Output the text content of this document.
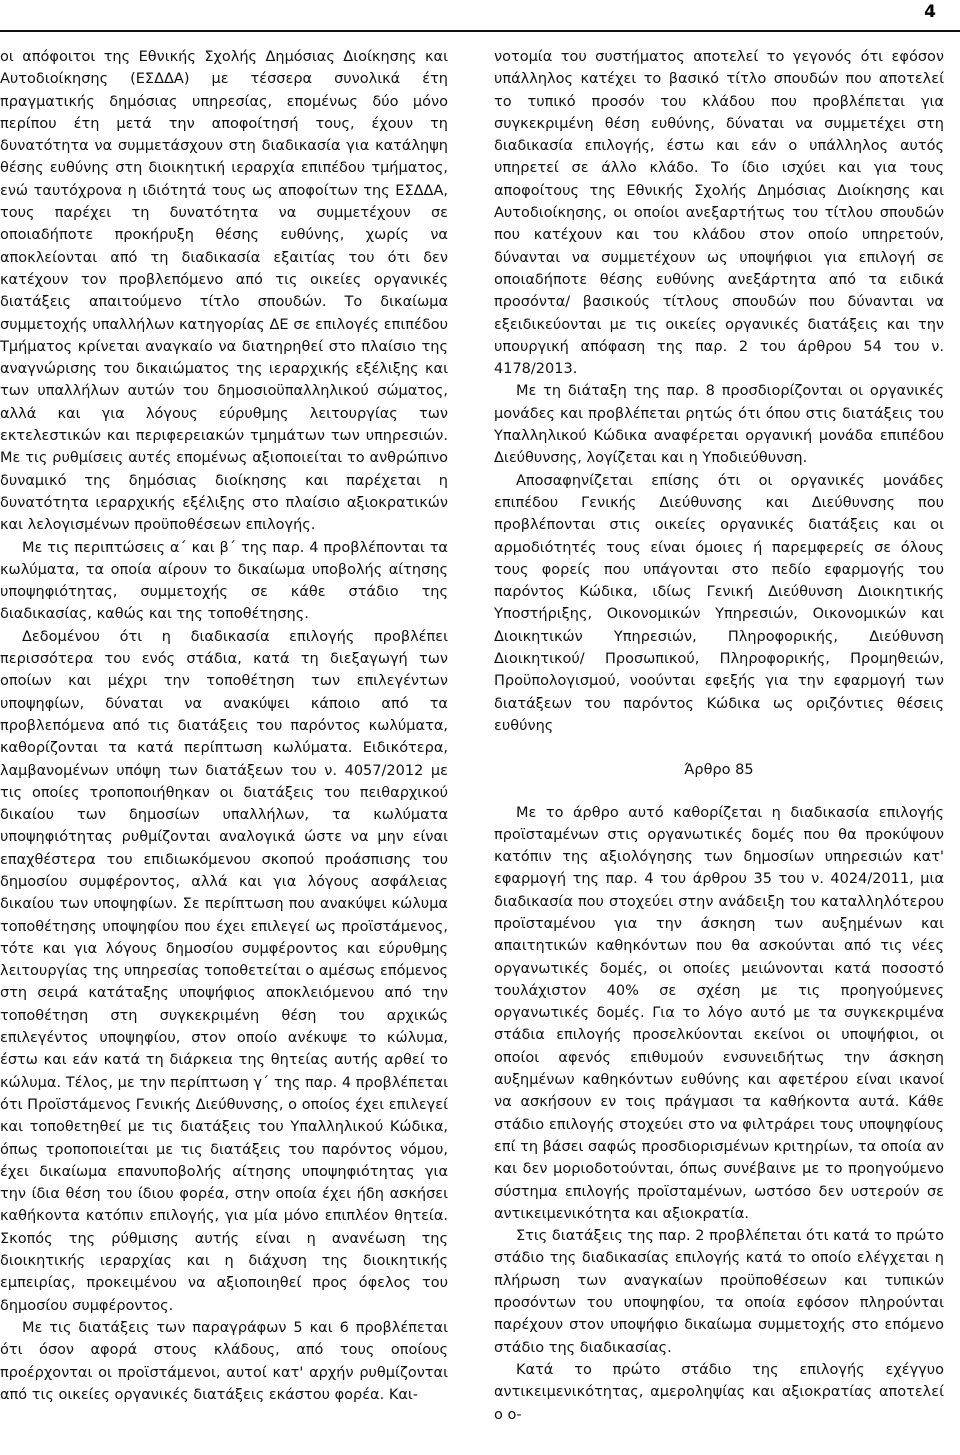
4

οι απόφοιτοι της Εθνικής Σχολής Δημόσιας Διοίκησης και Αυτοδιοίκησης (ΕΣΔΔΑ) με τέσσερα συνολικά έτη πραγματικής δημόσιας υπηρεσίας, επομένως δύο μόνο περίπου έτη μετά την αποφοίτησή τους, έχουν τη δυνατότητα να συμμετάσχουν στη διαδικασία για κατάληψη θέσης ευθύνης στη διοικητική ιεραρχία επιπέδου τμήματος, ενώ ταυτόχρονα η ιδιότητά τους ως αποφοίτων της ΕΣΔΔΑ, τους παρέχει τη δυνατότητα να συμμετέχουν σε οποιαδήποτε προκήρυξη θέσης ευθύνης, χωρίς να αποκλείονται από τη διαδικασία εξαιτίας του ότι δεν κατέχουν τον προβλεπόμενο από τις οικείες οργανικές διατάξεις απαιτούμενο τίτλο σπουδών. Το δικαίωμα συμμετοχής υπαλλήλων κατηγορίας ΔΕ σε επιλογές επιπέδου Τμήματος κρίνεται αναγκαίο να διατηρηθεί στο πλαίσιο της αναγνώρισης του δικαιώματος της ιεραρχικής εξέλιξης και των υπαλλήλων αυτών του δημοσιοϋπαλληλικού σώματος, αλλά και για λόγους εύρυθμης λειτουργίας των εκτελεστικών και περιφερειακών τμημάτων των υπηρεσιών. Με τις ρυθμίσεις αυτές επομένως αξιοποιείται το ανθρώπινο δυναμικό της δημόσιας διοίκησης και παρέχεται η δυνατότητα ιεραρχικής εξέλιξης στο πλαίσιο αξιοκρατικών και λελογισμένων προϋποθέσεων επιλογής.

Με τις περιπτώσεις α΄ και β΄ της παρ. 4 προβλέπονται τα κωλύματα, τα οποία αίρουν το δικαίωμα υποβολής αίτησης υποψηφιότητας, συμμετοχής σε κάθε στάδιο της διαδικασίας, καθώς και της τοποθέτησης.

Δεδομένου ότι η διαδικασία επιλογής προβλέπει περισσότερα του ενός στάδια, κατά τη διεξαγωγή των οποίων και μέχρι την τοποθέτηση των επιλεγέντων υποψηφίων, δύναται να ανακύψει κάποιο από τα προβλεπόμενα από τις διατάξεις του παρόντος κωλύματα, καθορίζονται τα κατά περίπτωση κωλύματα. Ειδικότερα, λαμβανομένων υπόψη των διατάξεων του ν. 4057/2012 με τις οποίες τροποποιήθηκαν οι διατάξεις του πειθαρχικού δικαίου των δημοσίων υπαλλήλων, τα κωλύματα υποψηφιότητας ρυθμίζονται αναλογικά ώστε να μην είναι επαχθέστερα του επιδιωκόμενου σκοπού προάσπισης του δημοσίου συμφέροντος, αλλά και για λόγους ασφάλειας δικαίου των υποψηφίων. Σε περίπτωση που ανακύψει κώλυμα τοποθέτησης υποψηφίου που έχει επιλεγεί ως προϊστάμενος, τότε και για λόγους δημοσίου συμφέροντος και εύρυθμης λειτουργίας της υπηρεσίας τοποθετείται ο αμέσως επόμενος στη σειρά κατάταξης υποψήφιος αποκλειόμενου από την τοποθέτηση στη συγκεκριμένη θέση του αρχικώς επιλεγέντος υποψηφίου, στον οποίο ανέκυψε το κώλυμα, έστω και εάν κατά τη διάρκεια της θητείας αυτής αρθεί το κώλυμα. Τέλος, με την περίπτωση γ΄ της παρ. 4 προβλέπεται ότι Προϊστάμενος Γενικής Διεύθυνσης, ο οποίος έχει επιλεγεί και τοποθετηθεί με τις διατάξεις του Υπαλληλικού Κώδικα, όπως τροποποιείται με τις διατάξεις του παρόντος νόμου, έχει δικαίωμα επανυποβολής αίτησης υποψηφιότητας για την ίδια θέση του ίδιου φορέα, στην οποία έχει ήδη ασκήσει καθήκοντα κατόπιν επιλογής, για μία μόνο επιπλέον θητεία. Σκοπός της ρύθμισης αυτής είναι η ανανέωση της διοικητικής ιεραρχίας και η διάχυση της διοικητικής εμπειρίας, προκειμένου να αξιοποιηθεί προς όφελος του δημοσίου συμφέροντος.

Με τις διατάξεις των παραγράφων 5 και 6 προβλέπεται ότι όσον αφορά στους κλάδους, από τους οποίους προέρχονται οι προϊστάμενοι, αυτοί κατ' αρχήν ρυθμίζονται από τις οικείες οργανικές διατάξεις εκάστου φορέα. Και-

νοτομία του συστήματος αποτελεί το γεγονός ότι εφόσον υπάλληλος κατέχει το βασικό τίτλο σπουδών που αποτελεί το τυπικό προσόν του κλάδου που προβλέπεται για συγκεκριμένη θέση ευθύνης, δύναται να συμμετέχει στη διαδικασία επιλογής, έστω και εάν ο υπάλληλος αυτός υπηρετεί σε άλλο κλάδο. Το ίδιο ισχύει και για τους αποφοίτους της Εθνικής Σχολής Δημόσιας Διοίκησης και Αυτοδιοίκησης, οι οποίοι ανεξαρτήτως του τίτλου σπουδών που κατέχουν και του κλάδου στον οποίο υπηρετούν, δύνανται να συμμετέχουν ως υποψήφιοι για επιλογή σε οποιαδήποτε θέσης ευθύνης ανεξάρτητα από τα ειδικά προσόντα/ βασικούς τίτλους σπουδών που δύνανται να εξειδικεύονται με τις οικείες οργανικές διατάξεις και την υπουργική απόφαση της παρ. 2 του άρθρου 54 του ν. 4178/2013.

Με τη διάταξη της παρ. 8 προσδιορίζονται οι οργανικές μονάδες και προβλέπεται ρητώς ότι όπου στις διατάξεις του Υπαλληλικού Κώδικα αναφέρεται οργανική μονάδα επιπέδου Διεύθυνσης, λογίζεται και η Υποδιεύθυνση.

Αποσαφηνίζεται επίσης ότι οι οργανικές μονάδες επιπέδου Γενικής Διεύθυνσης και Διεύθυνσης που προβλέπονται στις οικείες οργανικές διατάξεις και οι αρμοδιότητές τους είναι όμοιες ή παρεμφερείς σε όλους τους φορείς που υπάγονται στο πεδίο εφαρμογής του παρόντος Κώδικα, ιδίως Γενική Διεύθυνση Διοικητικής Υποστήριξης, Οικονομικών Υπηρεσιών, Οικονομικών και Διοικητικών Υπηρεσιών, Πληροφορικής, Διεύθυνση Διοικητικού/ Προσωπικού, Πληροφορικής, Προμηθειών, Προϋπολογισμού, νοούνται εφεξής για την εφαρμογή των διατάξεων του παρόντος Κώδικα ως οριζόντιες θέσεις ευθύνης

Άρθρο 85

Με το άρθρο αυτό καθορίζεται η διαδικασία επιλογής προϊσταμένων στις οργανωτικές δομές που θα προκύψουν κατόπιν της αξιολόγησης των δημοσίων υπηρεσιών κατ' εφαρμογή της παρ. 4 του άρθρου 35 του ν. 4024/2011, μια διαδικασία που στοχεύει στην ανάδειξη του καταλληλότερου προϊσταμένου για την άσκηση των αυξημένων και απαιτητικών καθηκόντων που θα ασκούνται από τις νέες οργανωτικές δομές, οι οποίες μειώνονται κατά ποσοστό τουλάχιστον 40% σε σχέση με τις προηγούμενες οργανωτικές δομές. Για το λόγο αυτό με τα συγκεκριμένα στάδια επιλογής προσελκύονται εκείνοι οι υποψήφιοι, οι οποίοι αφενός επιθυμούν ενσυνειδήτως την άσκηση αυξημένων καθηκόντων ευθύνης και αφετέρου είναι ικανοί να ασκήσουν εν τοις πράγμασι τα καθήκοντα αυτά. Κάθε στάδιο επιλογής στοχεύει στο να φιλτράρει τους υποψηφίους επί τη βάσει σαφώς προσδιορισμένων κριτηρίων, τα οποία αν και δεν μοριοδοτούνται, όπως συνέβαινε με το προηγούμενο σύστημα επιλογής προϊσταμένων, ωστόσο δεν υστερούν σε αντικειμενικότητα και αξιοκρατία.

Στις διατάξεις της παρ. 2 προβλέπεται ότι κατά το πρώτο στάδιο της διαδικασίας επιλογής κατά το οποίο ελέγχεται η πλήρωση των αναγκαίων προϋποθέσεων και τυπικών προσόντων του υποψηφίου, τα οποία εφόσον πληρούνται παρέχουν στον υποψήφιο δικαίωμα συμμετοχής στο επόμενο στάδιο της διαδικασίας.

Κατά το πρώτο στάδιο της επιλογής εχέγγυο αντικειμενικότητας, αμεροληψίας και αξιοκρατίας αποτελεί ο ο-
